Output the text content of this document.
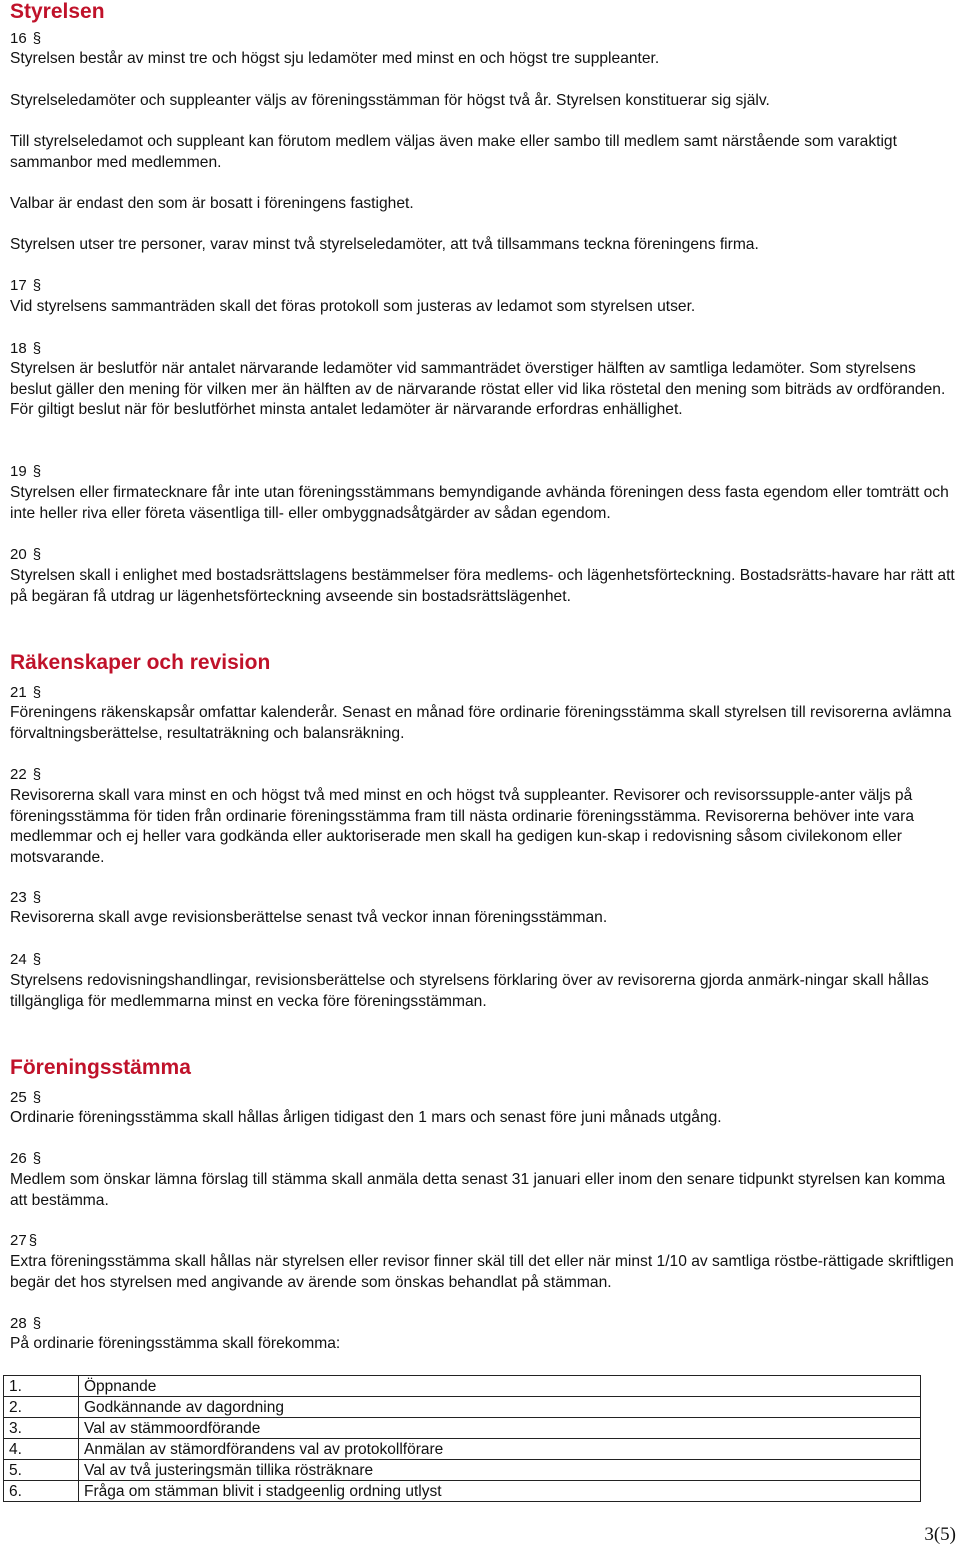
Styrelsen

16 §

Styrelsen består av minst tre och högst sju ledamöter med minst en och högst tre suppleanter.

Styrelseledamöter och suppleanter väljs av föreningsstämman för högst två år. Styrelsen konstituerar sig själv.

Till styrelseledamot och suppleant kan förutom medlem väljas även make eller sambo till medlem samt närstående som varaktigt sammanbor med medlemmen.

Valbar är endast den som är bosatt i föreningens fastighet.

Styrelsen utser tre personer, varav minst två styrelseledamöter, att två tillsammans teckna föreningens firma.

17 §

Vid styrelsens sammanträden skall det föras protokoll som justeras av ledamot som styrelsen utser.

18 §

Styrelsen är beslutför när antalet närvarande ledamöter vid sammanträdet överstiger hälften av samtliga ledamöter. Som styrelsens beslut gäller den mening för vilken mer än hälften av de närvarande röstat eller vid lika röstetal den mening som biträds av ordföranden. För giltigt beslut när för beslutförhet minsta antalet ledamöter är närvarande erfordras enhällighet.

19 §

Styrelsen eller firmatecknare får inte utan föreningsstämmans bemyndigande avhända föreningen dess fasta egendom eller tomträtt och inte heller riva eller företa väsentliga till- eller ombyggnadsåtgärder av sådan egendom.

20 §

Styrelsen skall i enlighet med bostadsrättslagens bestämmelser föra medlems- och lägenhetsförteckning. Bostadsrätts-havare har rätt att på begäran få utdrag ur lägenhetsförteckning avseende sin bostadsrättslägenhet.

Räkenskaper och revision

21 §

Föreningens räkenskapsår omfattar kalenderår. Senast en månad före ordinarie föreningsstämma skall styrelsen till revisorerna avlämna förvaltningsberättelse, resultaträkning och balansräkning.

22 §

Revisorerna skall vara minst en och högst två med minst en och högst två suppleanter. Revisorer och revisorssupple-anter väljs på föreningsstämma för tiden från ordinarie föreningsstämma fram till nästa ordinarie föreningsstämma. Revisorerna behöver inte vara medlemmar och ej heller vara godkända eller auktoriserade men skall ha gedigen kun-skap i redovisning såsom civilekonom eller motsvarande.

23 §

Revisorerna skall avge revisionsberättelse senast två veckor innan föreningsstämman.

24 §

Styrelsens redovisningshandlingar, revisionsberättelse och styrelsens förklaring över av revisorerna gjorda anmärk-ningar skall hållas tillgängliga för medlemmarna minst en vecka före föreningsstämman.

Föreningsstämma

25 §

Ordinarie föreningsstämma skall hållas årligen tidigast den 1 mars och senast före juni månads utgång.

26 §

Medlem som önskar lämna förslag till stämma skall anmäla detta senast 31 januari eller inom den senare tidpunkt styrelsen kan komma att bestämma.

27 §

Extra föreningsstämma skall hållas när styrelsen eller revisor finner skäl till det eller när minst 1/10 av samtliga röstbe-rättigade skriftligen begär det hos styrelsen med angivande av ärende som önskas behandlat på stämman.

28 §

På ordinarie föreningsstämma skall förekomma:

1.	Öppnande
2.	Godkännande av dagordning
3.	Val av stämmoordförande
4.	Anmälan av stämordförandens val av protokollförare
5.	Val av två justeringsmän tillika rösträknare
6.	Fråga om stämman blivit i stadgeenlig ordning utlyst
3(5)
